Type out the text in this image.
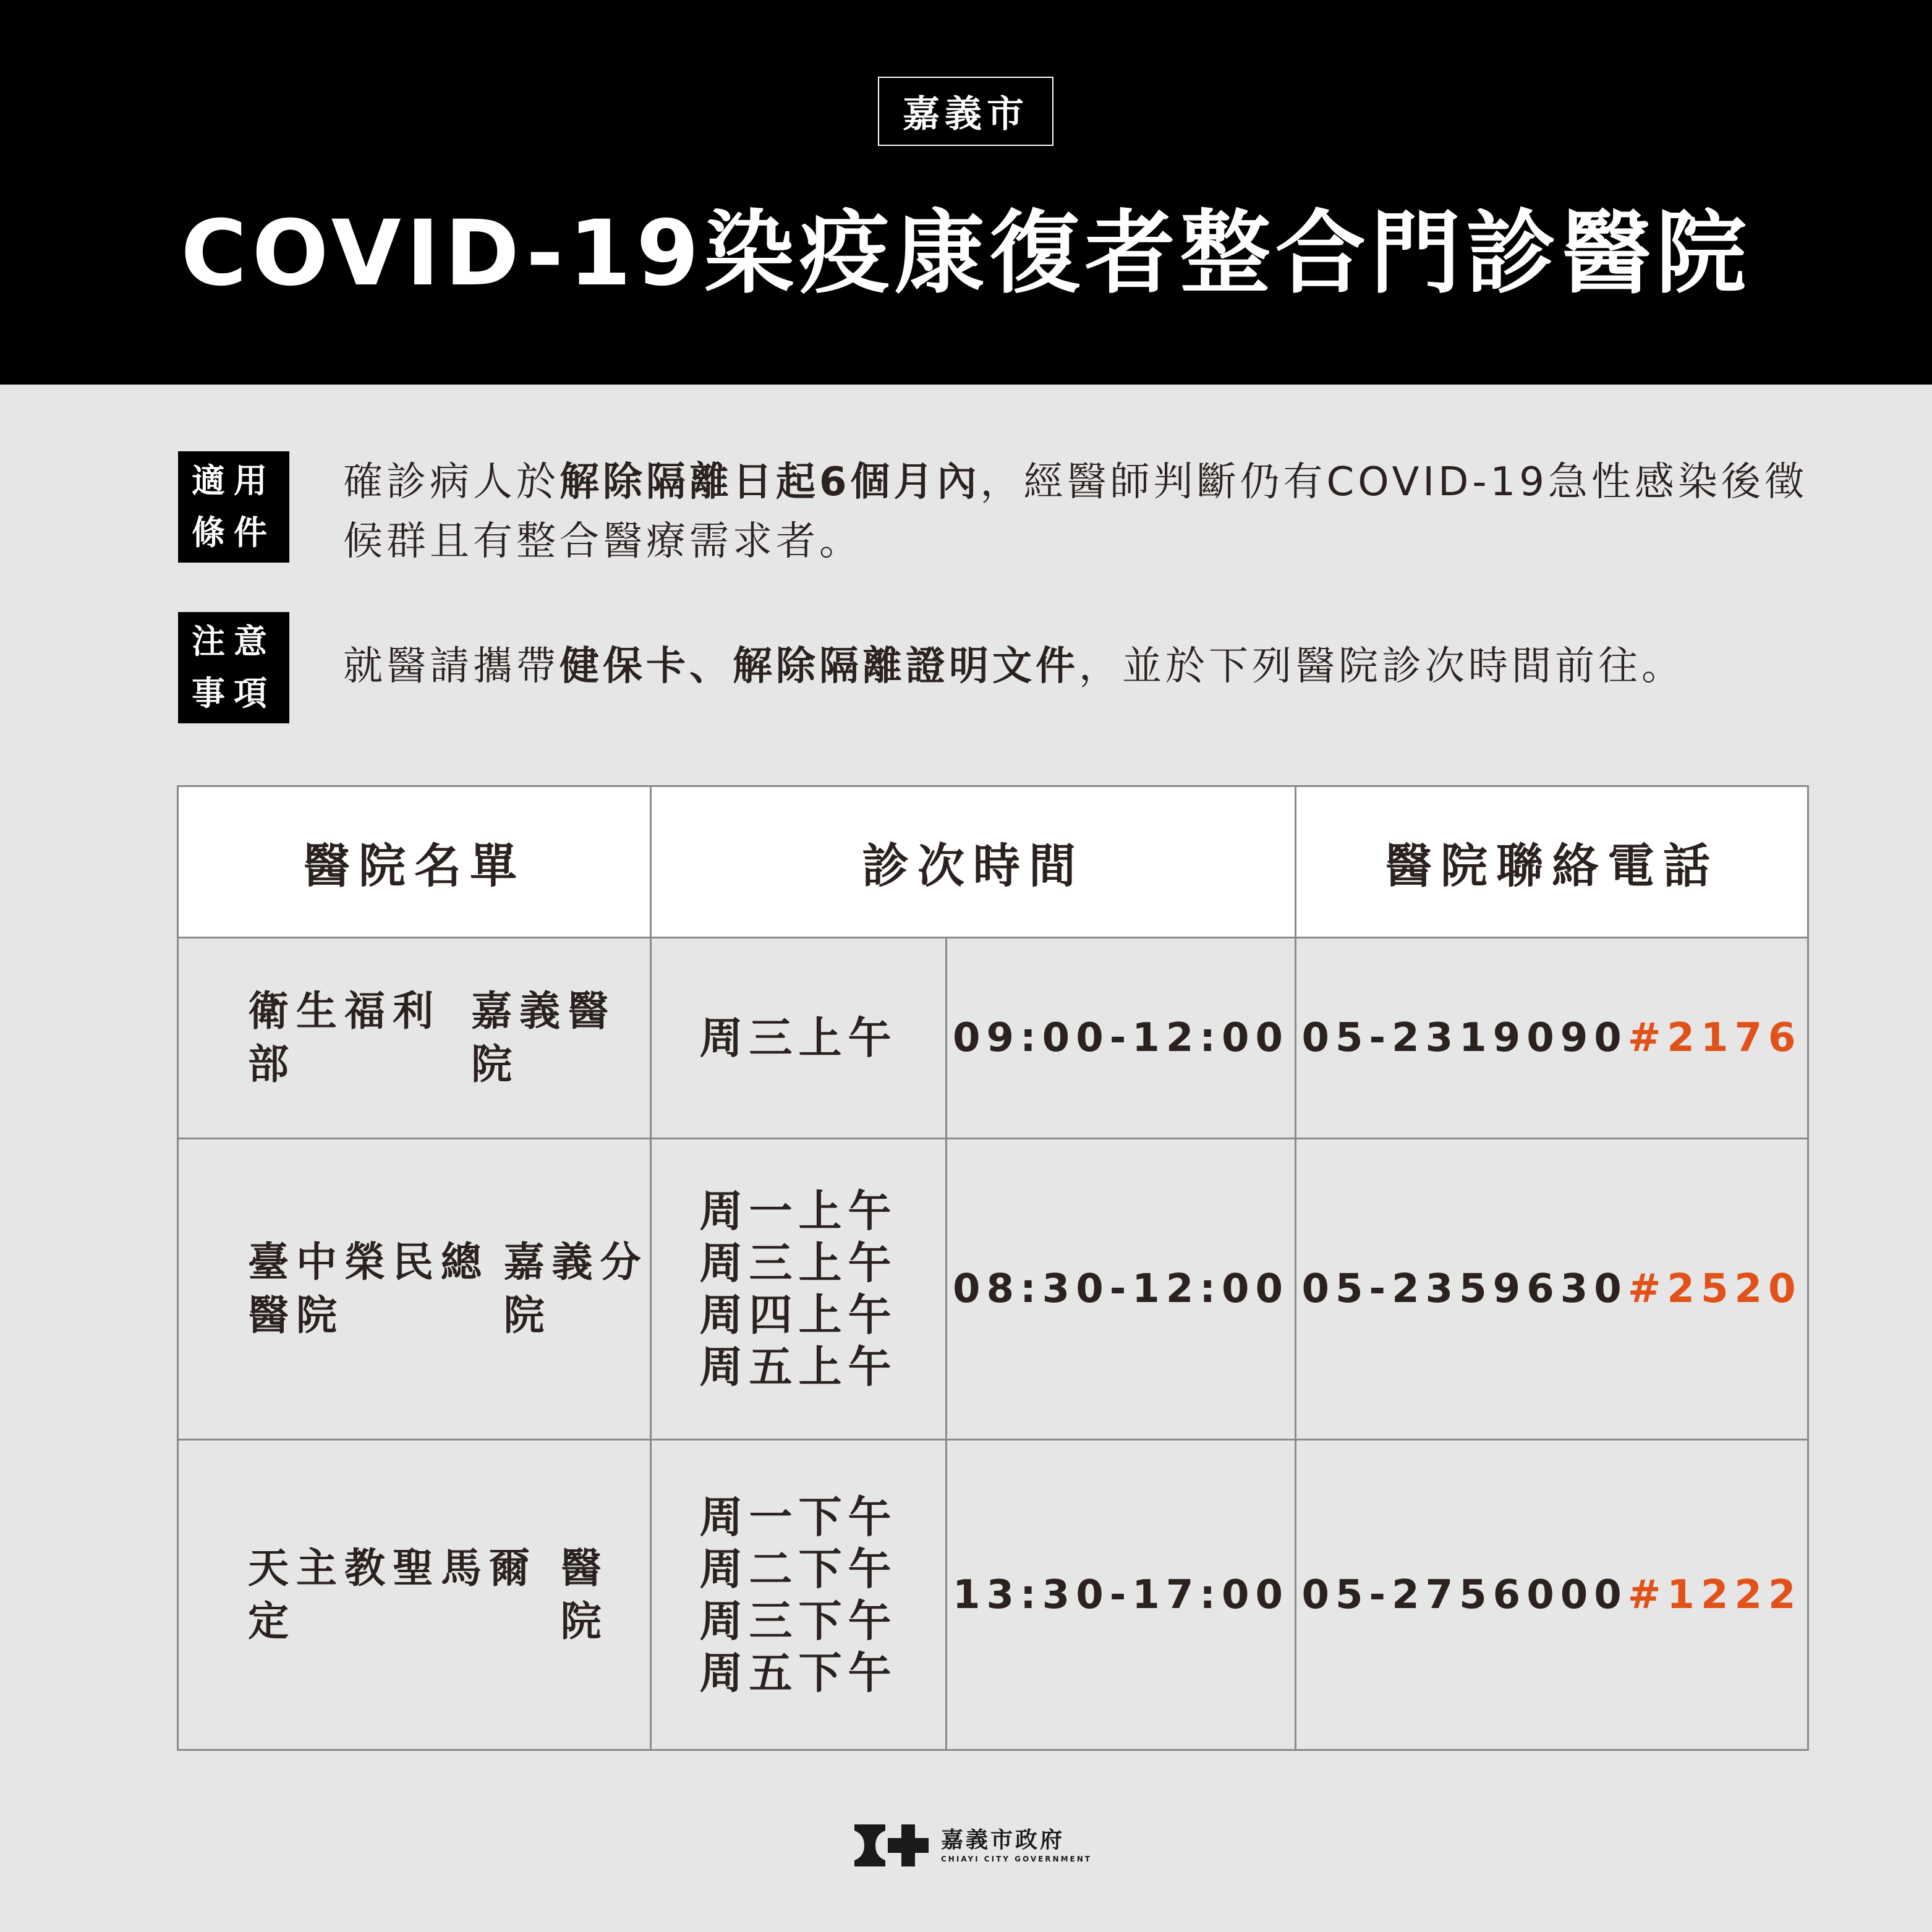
嘉義市
COVID-19染疫康復者整合門診醫院
適用
條件
確診病人於解除隔離日起6個月內，經醫師判斷仍有COVID-19急性感染後徵候群且有整合醫療需求者。
注意
事項
就醫請攜帶健保卡、解除隔離證明文件，並於下列醫院診次時間前往。
醫院名單	診次時間	醫院聯絡電話
衛生福利部
嘉義醫院
周三上午 09:00-12:00 05-2319090 #2176
臺中榮民總醫院
嘉義分院
周一上午
周三上午
周四上午
周五上午
08:30-12:00 05-2359630 #2520
天主教聖馬爾定
醫院
周一下午
周二下午
周三下午
周五下午
13:30-17:00 05-2756000 #1222
嘉義市政府
CHIAYI CITY GOVERNMENT
